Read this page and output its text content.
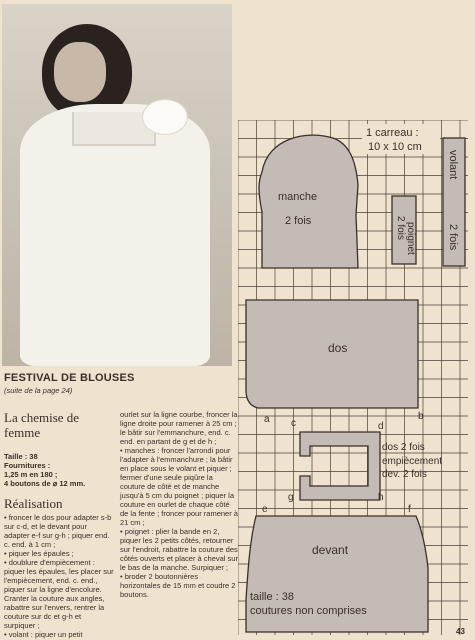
FESTIVAL DE BLOUSES
(suite de la page 24)
La chemise de femme
Taille : 38
Fournitures :
1,25 m en 180 ;
4 boutons de ⌀ 12 mm.
Réalisation

• froncer le dos pour adapter s-b sur c-d, et le devant pour adapter e-f sur g-h ; piquer end. c. end. à 1 cm ;
• piquer les épaules ;
• doublure d'empiècement : piquer les épaules, les placer sur l'empiècement, end. c. end., piquer sur la ligne d'encolure. Cranter la couture aux angles, rabattre sur l'envers, rentrer la couture sur dc et g-h et surpiquer ;
• volant : piquer un petit

ourlet sur la ligne courbe, froncer la ligne droite pour ramener à 25 cm ; le bâtir sur l'emmanchure, end. c. end. en partant de g et de h ;
• manches : froncer l'arrondi pour l'adapter à l'emmanchure ; la bâtir en place sous le volant et piquer ; fermer d'une seule piqûre la couture de côté et de manche jusqu'à 5 cm du poignet ; piquer la couture en ourlet de chaque côté de la fente ; froncer pour ramener à 21 cm ;
• poignet : plier la bande en 2, piquer les 2 petits côtés, retourner sur l'endroit, rabattre la couture des côtés ouverts et placer à cheval sur le bas de la manche. Surpiquer ;
• broder 2 boutonnières horizontales de 15 mm et coudre 2 boutons.
1 carreau :
10 x 10 cm
manche
2 fois
volant
2 fois
poignet
2 fois
dos
a	b
c	d
dos 2 fois
empiècement
dev. 2 fois
g	h
e	f
devant
taille : 38
coutures non comprises
43
